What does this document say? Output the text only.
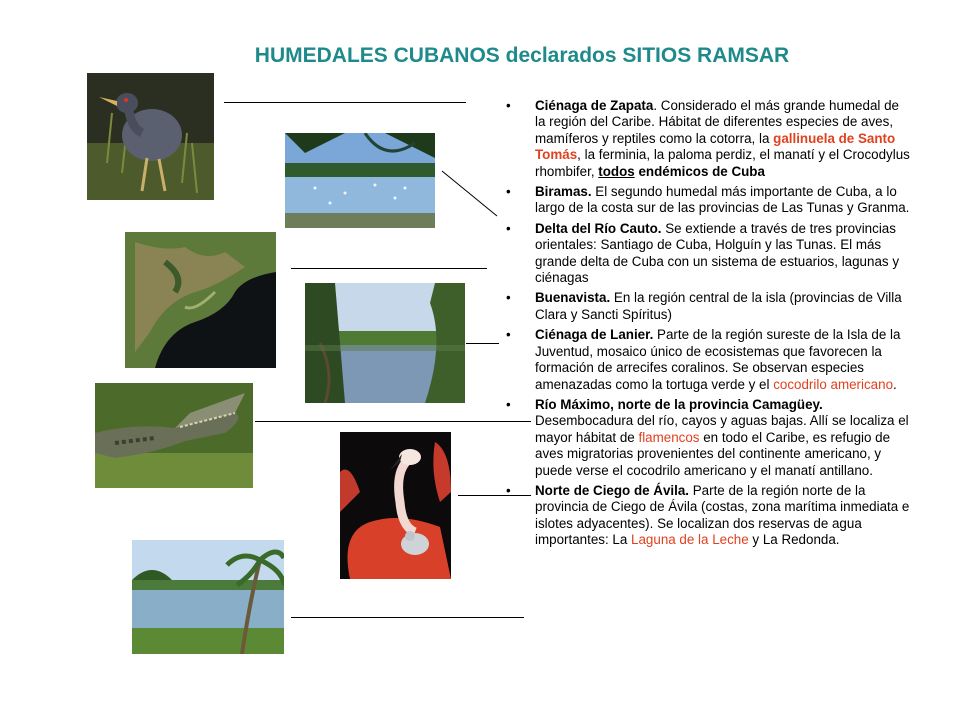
HUMEDALES CUBANOS declarados SITIOS RAMSAR
• Ciénaga de Zapata. Considerado el más grande humedal de la región del Caribe. Hábitat de diferentes especies de aves, mamíferos y reptiles como la cotorra, la gallinuela de Santo Tomás, la ferminia, la paloma perdiz, el manatí y el Crocodylus rhombifer, todos endémicos de Cuba
• Biramas. El segundo humedal más importante de Cuba, a lo largo de la costa sur de las provincias de Las Tunas y Granma.
• Delta del Río Cauto. Se extiende a través de tres provincias orientales: Santiago de Cuba, Holguín y las Tunas. El más grande delta de Cuba con un sistema de estuarios, lagunas y ciénagas
• Buenavista. En la región central de la isla (provincias de Villa Clara y Sancti Spíritus)
• Ciénaga de Lanier. Parte de la región sureste de la Isla de la Juventud, mosaico único de ecosistemas que favorecen la formación de arrecifes coralinos. Se observan especies amenazadas como la tortuga verde y el cocodrilo americano.
• Río Máximo, norte de la provincia Camagüey. Desembocadura del río, cayos y aguas bajas. Allí se localiza el mayor hábitat de flamencos en todo el Caribe, es refugio de aves migratorias provenientes del continente americano, y puede verse el cocodrilo americano y el manatí antillano.
• Norte de Ciego de Ávila. Parte de la región norte de la provincia de Ciego de Ávila (costas, zona marítima inmediata e islotes adyacentes). Se localizan dos reservas de agua importantes: La Laguna de la Leche y La Redonda.
